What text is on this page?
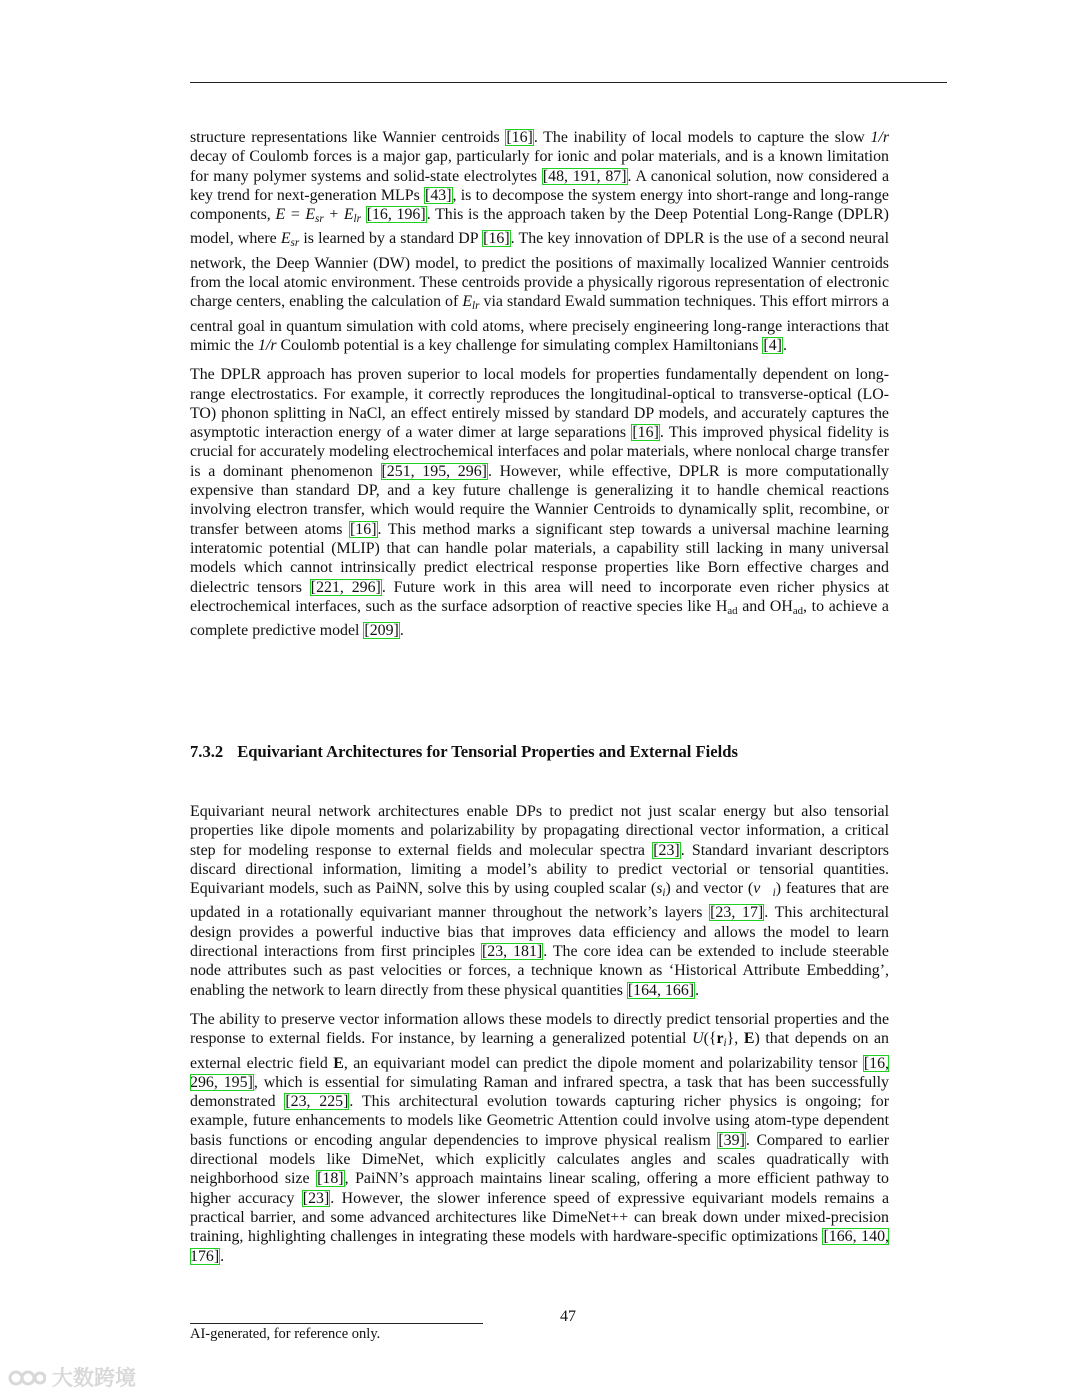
structure representations like Wannier centroids [16]. The inability of local models to capture the slow 1/r decay of Coulomb forces is a major gap, particularly for ionic and polar materials, and is a known limitation for many polymer systems and solid-state electrolytes [48, 191, 87]. A canonical solution, now considered a key trend for next-generation MLPs [43], is to decompose the system energy into short-range and long-range components, $E = E_{sr} + E_{lr}$ [16, 196]. This is the approach taken by the Deep Potential Long-Range (DPLR) model, where $E_{sr}$ is learned by a standard DP [16]. The key innovation of DPLR is the use of a second neural network, the Deep Wannier (DW) model, to predict the positions of maximally localized Wannier centroids from the local atomic environment. These centroids provide a physically rigorous representation of electronic charge centers, enabling the calculation of $E_{lr}$ via standard Ewald summation techniques. This effort mirrors a central goal in quantum simulation with cold atoms, where precisely engineering long-range interactions that mimic the 1/r Coulomb potential is a key challenge for simulating complex Hamiltonians [4].

The DPLR approach has proven superior to local models for properties fundamentally dependent on long-range electrostatics. For example, it correctly reproduces the longitudinal-optical to transverse-optical (LO-TO) phonon splitting in NaCl, an effect entirely missed by standard DP models, and accurately captures the asymptotic interaction energy of a water dimer at large separations [16]. This improved physical fidelity is crucial for accurately modeling electrochemical interfaces and polar materials, where nonlocal charge transfer is a dominant phenomenon [251, 195, 296]. However, while effective, DPLR is more computationally expensive than standard DP, and a key future challenge is generalizing it to handle chemical reactions involving electron transfer, which would require the Wannier Centroids to dynamically split, recombine, or transfer between atoms [16]. This method marks a significant step towards a universal machine learning interatomic potential (MLIP) that can handle polar materials, a capability still lacking in many universal models which cannot intrinsically predict electrical response properties like Born effective charges and dielectric tensors [221, 296]. Future work in this area will need to incorporate even richer physics at electrochemical interfaces, such as the surface adsorption of reactive species like $H_{ad}$ and $OH_{ad}$, to achieve a complete predictive model [209].

7.3.2 Equivariant Architectures for Tensorial Properties and External Fields

Equivariant neural network architectures enable DPs to predict not just scalar energy but also tensorial properties like dipole moments and polarizability by propagating directional vector information, a critical step for modeling response to external fields and molecular spectra [23]. Standard invariant descriptors discard directional information, limiting a model’s ability to predict vectorial or tensorial quantities. Equivariant models, such as PaiNN, solve this by using coupled scalar $(s_i)$ and vector $(v⃗_i)$ features that are updated in a rotationally equivariant manner throughout the network’s layers [23, 17]. This architectural design provides a powerful inductive bias that improves data efficiency and allows the model to learn directional interactions from first principles [23, 181]. The core idea can be extended to include steerable node attributes such as past velocities or forces, a technique known as ‘Historical Attribute Embedding’, enabling the network to learn directly from these physical quantities [164, 166].

The ability to preserve vector information allows these models to directly predict tensorial properties and the response to external fields. For instance, by learning a generalized potential $U(\{r_i\}$, E) that depends on an external electric field E, an equivariant model can predict the dipole moment and polarizability tensor [16, 296, 195], which is essential for simulating Raman and infrared spectra, a task that has been successfully demonstrated [23, 225]. This architectural evolution towards capturing richer physics is ongoing; for example, future enhancements to models like Geometric Attention could involve using atom-type dependent basis functions or encoding angular dependencies to improve physical realism [39]. Compared to earlier directional models like DimeNet, which explicitly calculates angles and scales quadratically with neighborhood size [18], PaiNN’s approach maintains linear scaling, offering a more efficient pathway to higher accuracy [23]. However, the slower inference speed of expressive equivariant models remains a practical barrier, and some advanced architectures like DimeNet++ can break down under mixed-precision training, highlighting challenges in integrating these models with hardware-specific optimizations [166, 140, 176].

47
AI-generated, for reference only.
大数跨境
